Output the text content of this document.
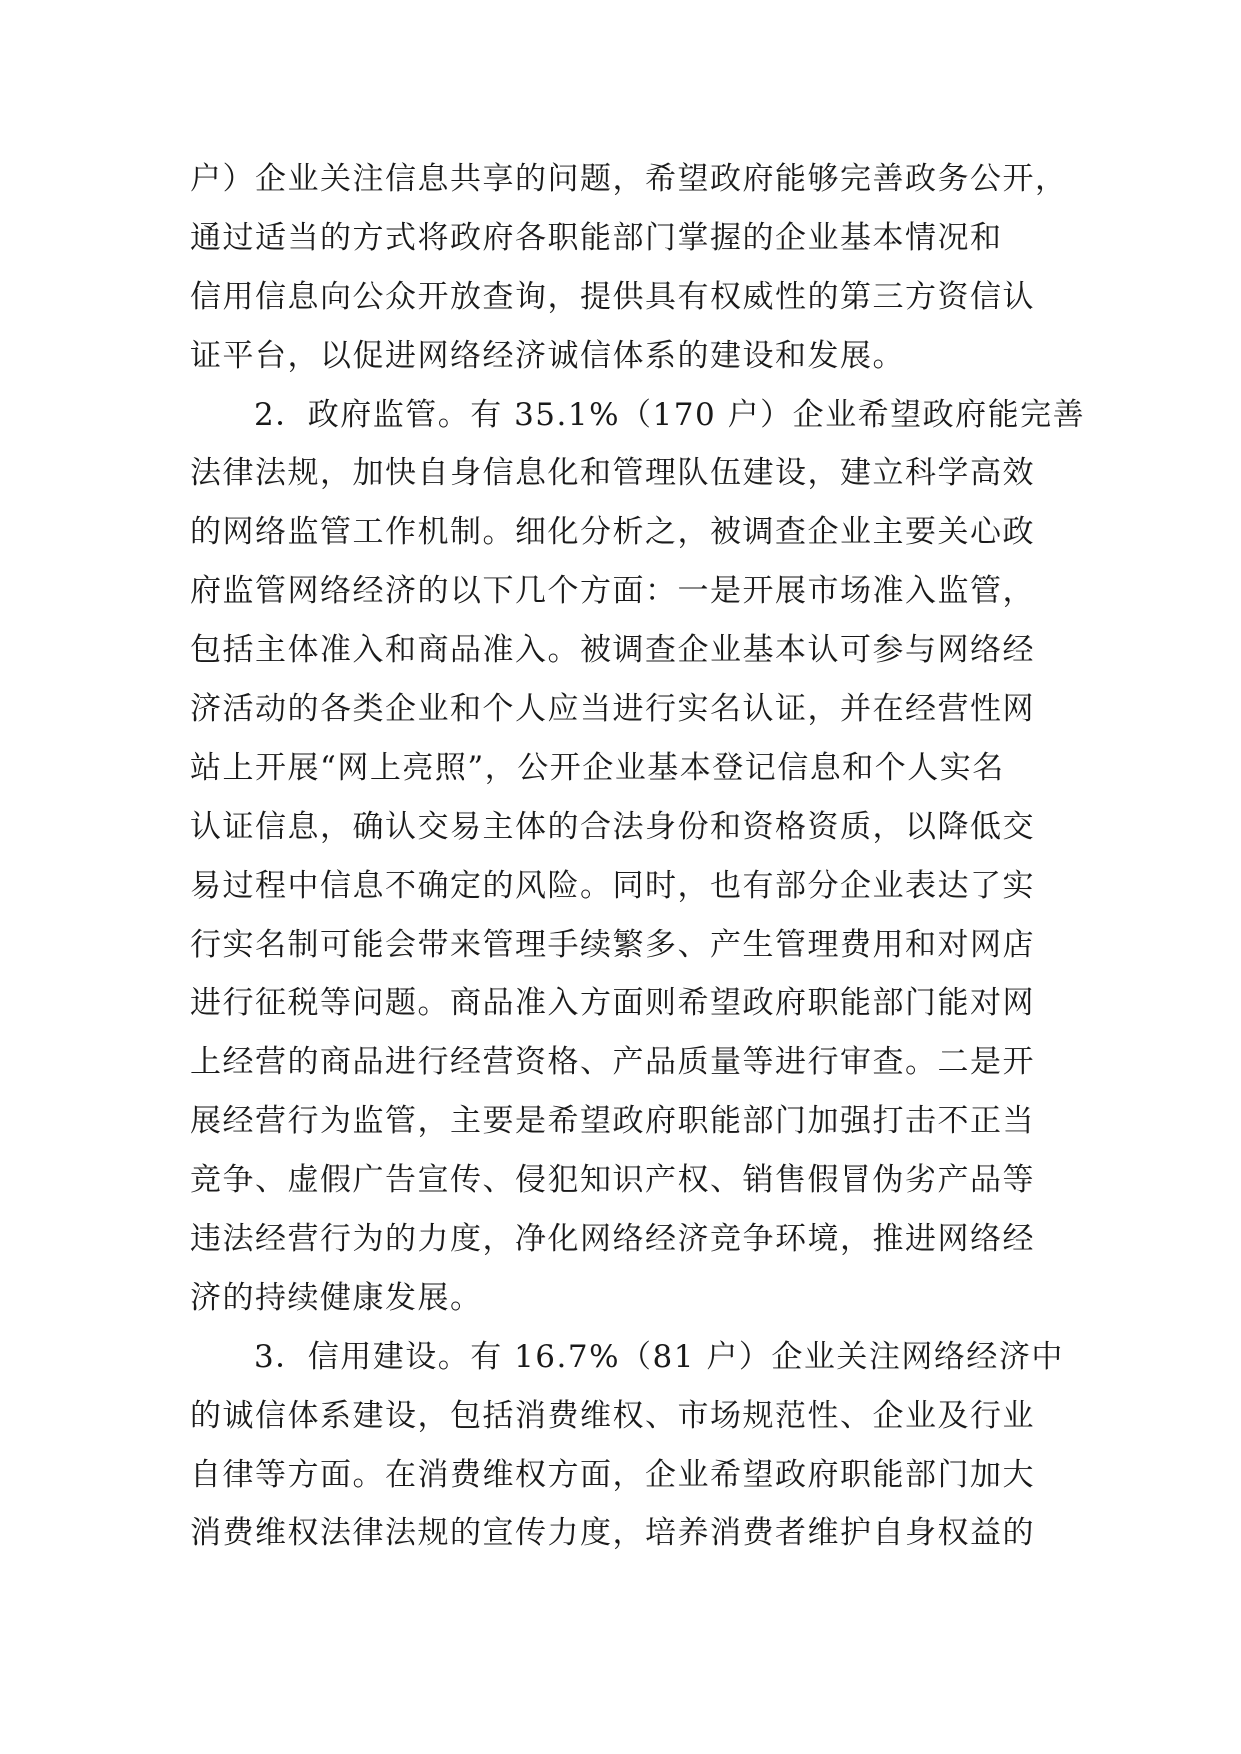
户）企业关注信息共享的问题，希望政府能够完善政务公开，
通过适当的方式将政府各职能部门掌握的企业基本情况和
信用信息向公众开放查询，提供具有权威性的第三方资信认
证平台，以促进网络经济诚信体系的建设和发展。
2．政府监管。有 35.1%（170 户）企业希望政府能完善
法律法规，加快自身信息化和管理队伍建设，建立科学高效
的网络监管工作机制。细化分析之，被调查企业主要关心政
府监管网络经济的以下几个方面：一是开展市场准入监管，
包括主体准入和商品准入。被调查企业基本认可参与网络经
济活动的各类企业和个人应当进行实名认证，并在经营性网
站上开展“网上亮照”，公开企业基本登记信息和个人实名
认证信息，确认交易主体的合法身份和资格资质，以降低交
易过程中信息不确定的风险。同时，也有部分企业表达了实
行实名制可能会带来管理手续繁多、产生管理费用和对网店
进行征税等问题。商品准入方面则希望政府职能部门能对网
上经营的商品进行经营资格、产品质量等进行审查。二是开
展经营行为监管，主要是希望政府职能部门加强打击不正当
竞争、虚假广告宣传、侵犯知识产权、销售假冒伪劣产品等
违法经营行为的力度，净化网络经济竞争环境，推进网络经
济的持续健康发展。
3．信用建设。有 16.7%（81 户）企业关注网络经济中
的诚信体系建设，包括消费维权、市场规范性、企业及行业
自律等方面。在消费维权方面，企业希望政府职能部门加大
消费维权法律法规的宣传力度，培养消费者维护自身权益的
